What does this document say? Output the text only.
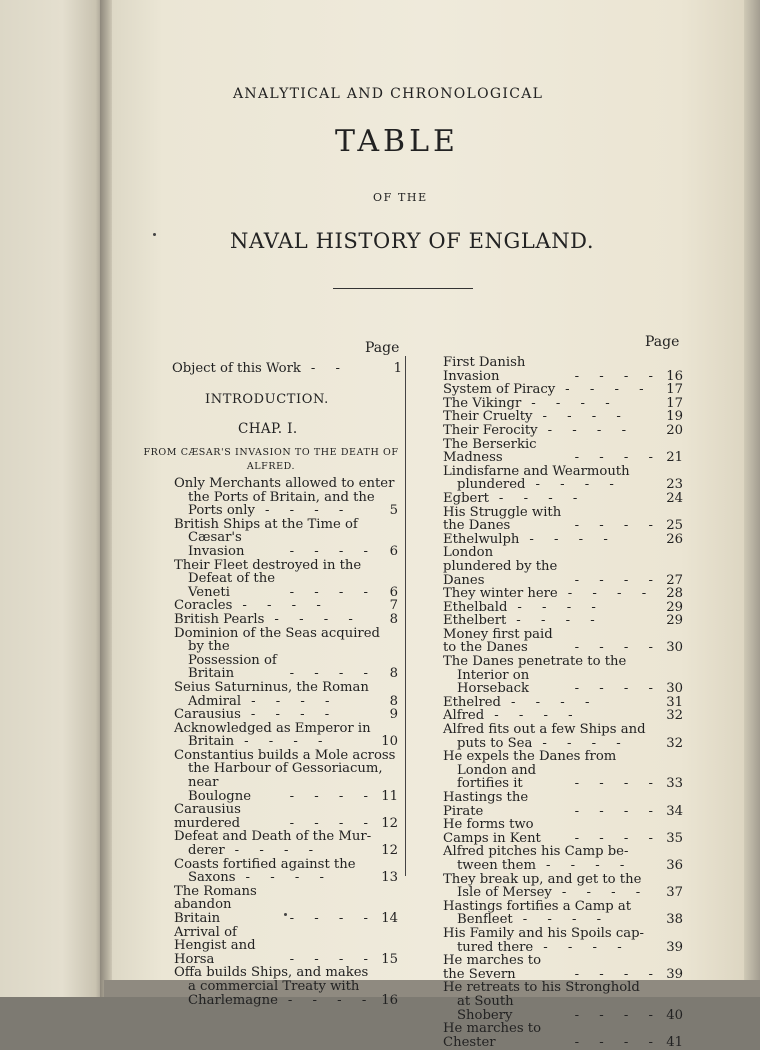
ANALYTICAL AND CHRONOLOGICAL
TABLE
OF THE
NAVAL HISTORY OF ENGLAND.
Page	Page
Object of this Work - -	1
INTRODUCTION.
CHAP. I.
FROM CÆSAR'S INVASION TO THE DEATH OF ALFRED.
Only Merchants allowed to enter
the Ports of Britain, and the
Ports only - - - -	5
British Ships at the Time of
Cæsar's Invasion	- - - -	6
Their Fleet destroyed in the
Defeat of the Veneti	- - - -	6
Coracles - - - -	7
British Pearls - - - -	8
Dominion of the Seas acquired
by the Possession of Britain	- - - -	8
Seius Saturninus, the Roman
Admiral - - - -	8
Carausius - - - -	9
Acknowledged as Emperor in
Britain - - - -	10
Constantius builds a Mole across
the Harbour of Gessoriacum,
near Boulogne	- - - - 11
Carausius murdered	- - - - 12
Defeat and Death of the Mur-
derer - - - -	12
Coasts fortified against the
Saxons - - - -	13
The Romans abandon Britain	- - - - 14
Arrival of Hengist and Horsa	- - - - 15
Offa builds Ships, and makes
a commercial Treaty with
Charlemagne - - - - 16
First Danish Invasion	- - - - 16
System of Piracy - - - -	17
The Vikingr - - - -	17
Their Cruelty - - - -	19
Their Ferocity - - - -	20
The Berserkic Madness	- - - - 21
Lindisfarne and Wearmouth
plundered - - - -	23
Egbert - - - -	24
His Struggle with the Danes	- - - - 25
Ethelwulph - - - -	26
London plundered by the Danes	- - - - 27
They winter here - - - - 28
Ethelbald - - - -	29
Ethelbert - - - -	29
Money first paid to the Danes	- - - - 30
The Danes penetrate to the
Interior on Horseback	- - - - 30
Ethelred - - - -	31
Alfred - - - -	32
Alfred fits out a few Ships and
puts to Sea - - - -	32
He expels the Danes from
London and fortifies it	- - - - 33
Hastings the Pirate	- - - - 34
He forms two Camps in Kent	- - - - 35
Alfred pitches his Camp be-
tween them - - - -	36
They break up, and get to the
Isle of Mersey - - - -	37
Hastings fortifies a Camp at
Benfleet - - - -	38
His Family and his Spoils cap-
tured there - - - -	39
He marches to the Severn	- - - - 39
He retreats to his Stronghold
at South Shobery	- - - - 40
He marches to Chester	- - - - 41
